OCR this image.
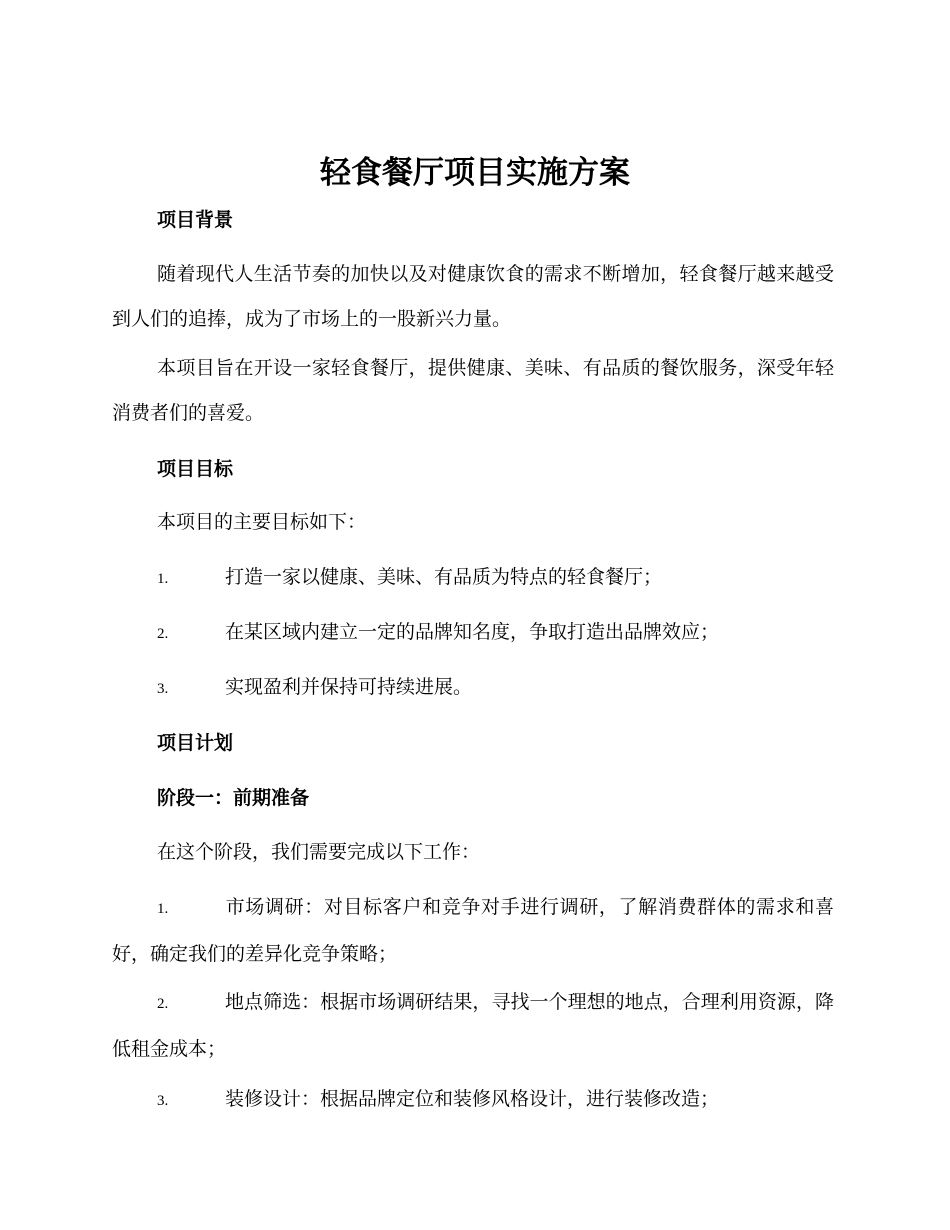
轻食餐厅项目实施方案
项目背景

随着现代人生活节奏的加快以及对健康饮食的需求不断增加，轻食餐厅越来越受到人们的追捧，成为了市场上的一股新兴力量。

本项目旨在开设一家轻食餐厅，提供健康、美味、有品质的餐饮服务，深受年轻消费者们的喜爱。

项目目标

本项目的主要目标如下：

1.	打造一家以健康、美味、有品质为特点的轻食餐厅；
2.	在某区域内建立一定的品牌知名度，争取打造出品牌效应；
3.	实现盈利并保持可持续进展。
项目计划
阶段一：前期准备

在这个阶段，我们需要完成以下工作：

1.	市场调研：对目标客户和竞争对手进行调研，了解消费群体的需求和喜好，确定我们的差异化竞争策略；
2.	地点筛选：根据市场调研结果，寻找一个理想的地点，合理利用资源，降低租金成本；
3.	装修设计：根据品牌定位和装修风格设计，进行装修改造；
